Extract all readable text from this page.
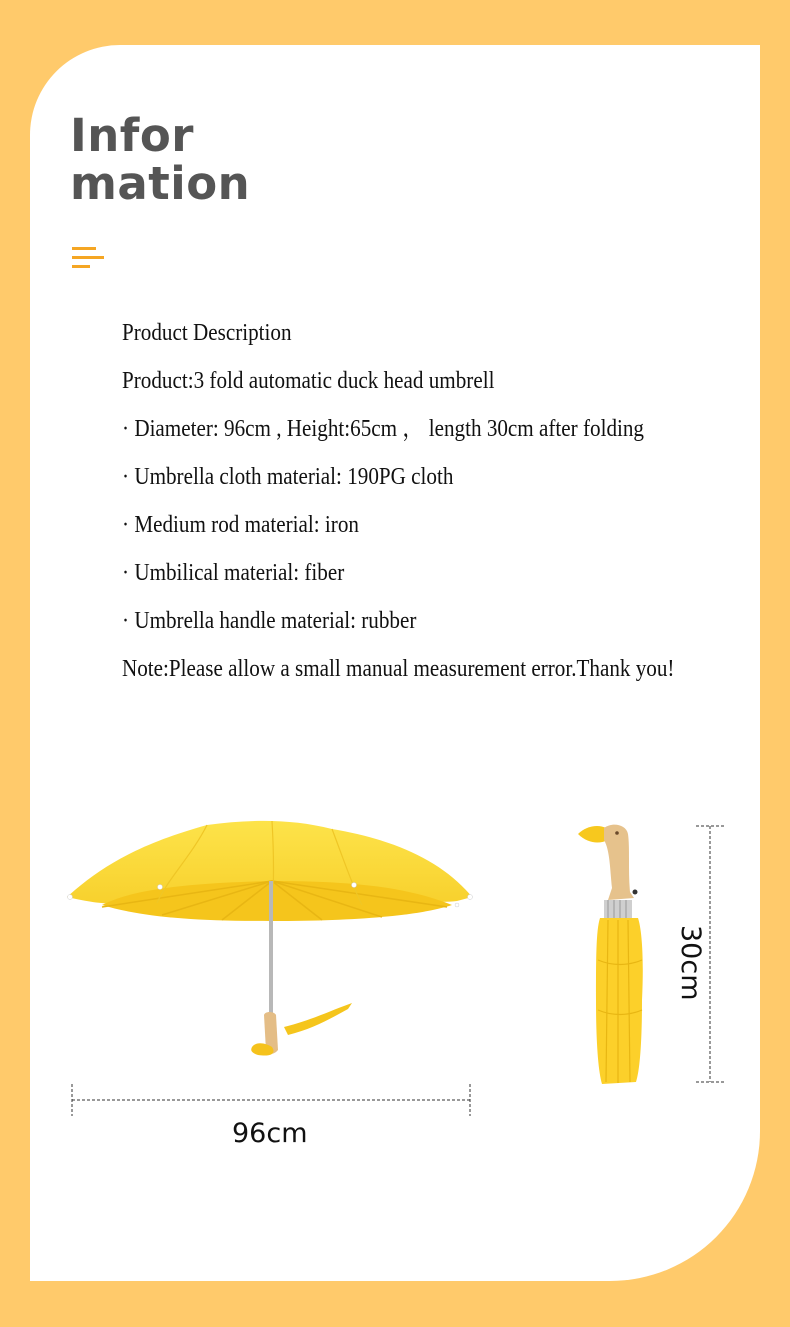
Infor
mation
Product Description
Product:3 fold automatic duck head umbrell
· Diameter: 96cm , Height:65cm ， length 30cm after folding
· Umbrella cloth material: 190PG cloth
· Medium rod material: iron
· Umbilical material: fiber
· Umbrella handle material: rubber
Note:Please allow a small manual measurement error.Thank you!
96cm
30cm
